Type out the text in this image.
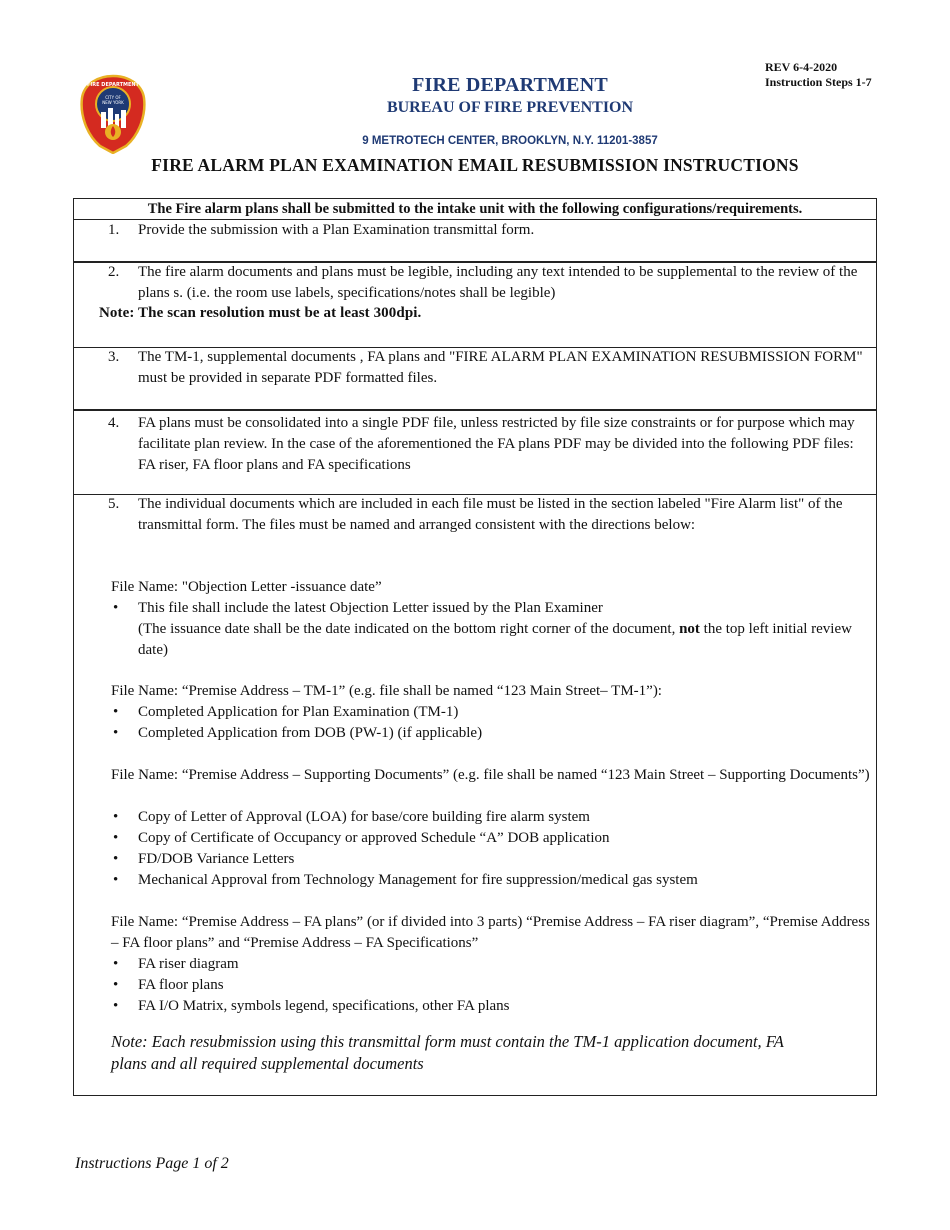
FIRE DEPARTMENT
CITY OF
NEW YORK
FIRE DEPARTMENT
BUREAU OF FIRE PREVENTION
9 METROTECH CENTER, BROOKLYN, N.Y. 11201-3857
REV 6-4-2020
Instruction Steps 1-7
FIRE ALARM PLAN EXAMINATION EMAIL RESUBMISSION INSTRUCTIONS
The Fire alarm plans shall be submitted to the intake unit with the following configurations/requirements.
1.	Provide the submission with a Plan Examination transmittal form.
2.	The fire alarm documents and plans must be legible, including any text intended to be supplemental to the review of the plans s. (i.e. the room use labels, specifications/notes shall be legible)
Note: The scan resolution must be at least 300dpi.
3.	The TM-1, supplemental documents , FA plans and "FIRE ALARM PLAN EXAMINATION RESUBMISSION FORM" must be provided in separate PDF formatted files.
4.	FA plans must be consolidated into a single PDF file, unless restricted by file size constraints or for purpose which may facilitate plan review. In the case of the aforementioned the FA plans PDF may be divided into the following PDF files: FA riser, FA floor plans and FA specifications
5.	The individual documents which are included in each file must be listed in the section labeled "Fire Alarm list" of the transmittal form. The files must be named and arranged consistent with the directions below:
File Name: "Objection Letter -issuance date”
• This file shall include the latest Objection Letter issued by the Plan Examiner
(The issuance date shall be the date indicated on the bottom right corner of the document, not the top left initial review date)
File Name: “Premise Address – TM-1” (e.g. file shall be named “123 Main Street– TM-1”):
• Completed Application for Plan Examination (TM-1)
• Completed Application from DOB (PW-1) (if applicable)
File Name: “Premise Address – Supporting Documents” (e.g. file shall be named “123 Main Street – Supporting Documents”)
• Copy of Letter of Approval (LOA) for base/core building fire alarm system
• Copy of Certificate of Occupancy or approved Schedule “A” DOB application
• FD/DOB Variance Letters
• Mechanical Approval from Technology Management for fire suppression/medical gas system
File Name: “Premise Address – FA plans” (or if divided into 3 parts) “Premise Address – FA riser diagram”, “Premise Address – FA floor plans” and “Premise Address – FA Specifications”
• FA riser diagram
• FA floor plans
• FA I/O Matrix, symbols legend, specifications, other FA plans
Note: Each resubmission using this transmittal form must contain the TM-1 application document, FA plans and all required supplemental documents
Instructions Page 1 of 2
